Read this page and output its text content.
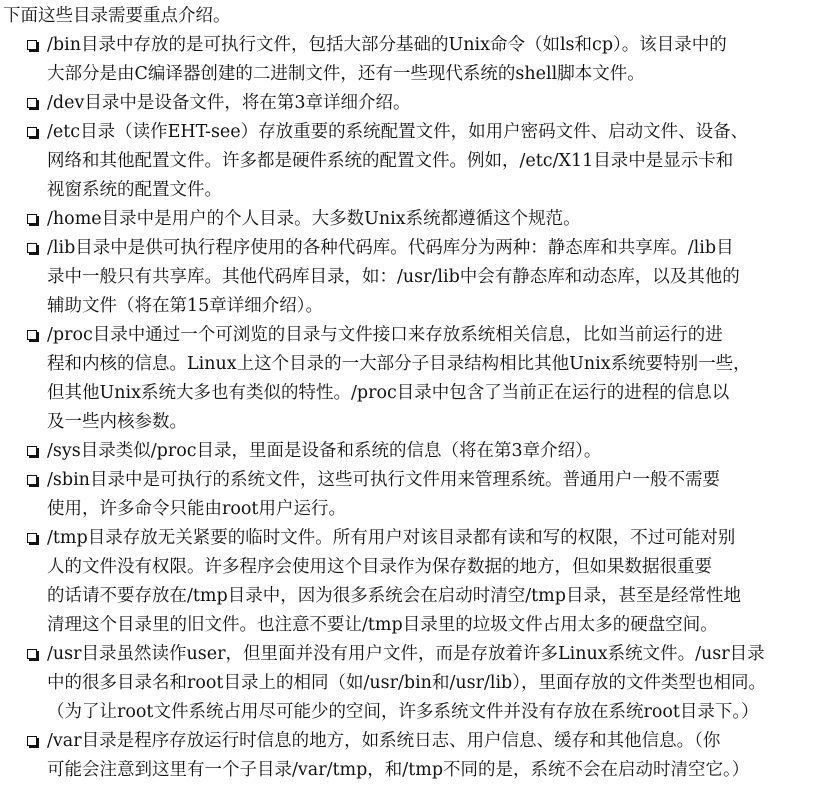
下面这些目录需要重点介绍。

/bin目录中存放的是可执行文件，包括大部分基础的Unix命令（如ls和cp）。该目录中的
大部分是由C编译器创建的二进制文件，还有一些现代系统的shell脚本文件。
/dev目录中是设备文件，将在第3章详细介绍。
/etc目录（读作EHT-see）存放重要的系统配置文件，如用户密码文件、启动文件、设备、
网络和其他配置文件。许多都是硬件系统的配置文件。例如，/etc/X11目录中是显示卡和
视窗系统的配置文件。
/home目录中是用户的个人目录。大多数Unix系统都遵循这个规范。
/lib目录中是供可执行程序使用的各种代码库。代码库分为两种：静态库和共享库。/lib目
录中一般只有共享库。其他代码库目录，如：/usr/lib中会有静态库和动态库，以及其他的
辅助文件（将在第15章详细介绍）。
/proc目录中通过一个可浏览的目录与文件接口来存放系统相关信息，比如当前运行的进
程和内核的信息。Linux上这个目录的一大部分子目录结构相比其他Unix系统要特别一些，
但其他Unix系统大多也有类似的特性。/proc目录中包含了当前正在运行的进程的信息以
及一些内核参数。
/sys目录类似/proc目录，里面是设备和系统的信息（将在第3章介绍）。
/sbin目录中是可执行的系统文件，这些可执行文件用来管理系统。普通用户一般不需要
使用，许多命令只能由root用户运行。
/tmp目录存放无关紧要的临时文件。所有用户对该目录都有读和写的权限，不过可能对别
人的文件没有权限。许多程序会使用这个目录作为保存数据的地方，但如果数据很重要
的话请不要存放在/tmp目录中，因为很多系统会在启动时清空/tmp目录，甚至是经常性地
清理这个目录里的旧文件。也注意不要让/tmp目录里的垃圾文件占用太多的硬盘空间。
/usr目录虽然读作user，但里面并没有用户文件，而是存放着许多Linux系统文件。/usr目录
中的很多目录名和root目录上的相同（如/usr/bin和/usr/lib），里面存放的文件类型也相同。
（为了让root文件系统占用尽可能少的空间，许多系统文件并没有存放在系统root目录下。）
/var目录是程序存放运行时信息的地方，如系统日志、用户信息、缓存和其他信息。（你
可能会注意到这里有一个子目录/var/tmp，和/tmp不同的是，系统不会在启动时清空它。）
